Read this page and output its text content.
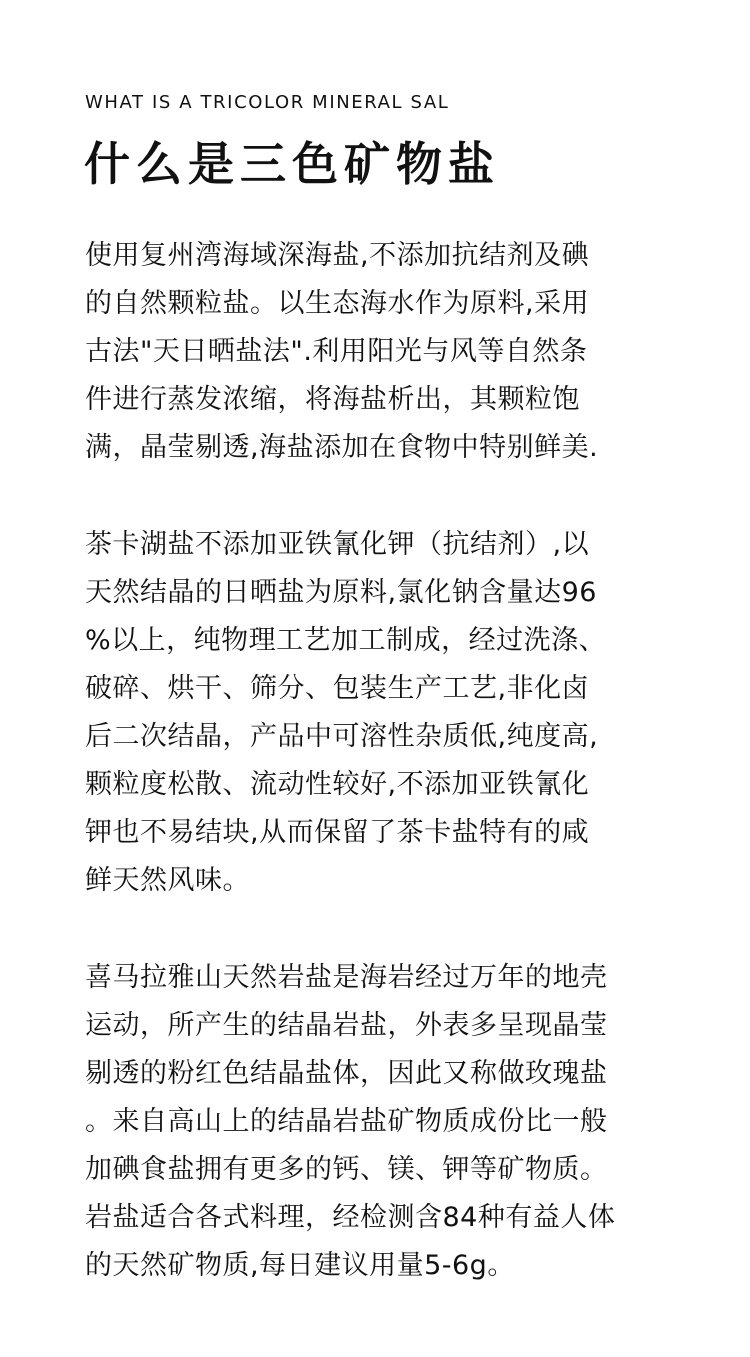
WHAT IS A TRICOLOR MINERAL SAL
什么是三色矿物盐
使用复州湾海域深海盐,不添加抗结剂及碘
的自然颗粒盐。以生态海水作为原料,采用
古法"天日晒盐法".利用阳光与风等自然条
件进行蒸发浓缩，将海盐析出，其颗粒饱
满，晶莹剔透,海盐添加在食物中特别鲜美.
茶卡湖盐不添加亚铁氰化钾（抗结剂）,以
天然结晶的日晒盐为原料,氯化钠含量达96
%以上，纯物理工艺加工制成，经过洗涤、
破碎、烘干、筛分、包装生产工艺,非化卤
后二次结晶，产品中可溶性杂质低,纯度高,
颗粒度松散、流动性较好,不添加亚铁氰化
钾也不易结块,从而保留了茶卡盐特有的咸
鲜天然风味。
喜马拉雅山天然岩盐是海岩经过万年的地壳
运动，所产生的结晶岩盐，外表多呈现晶莹
剔透的粉红色结晶盐体，因此又称做玫瑰盐
。来自高山上的结晶岩盐矿物质成份比一般
加碘食盐拥有更多的钙、镁、钾等矿物质。
岩盐适合各式料理，经检测含84种有益人体
的天然矿物质,每日建议用量5-6g。
